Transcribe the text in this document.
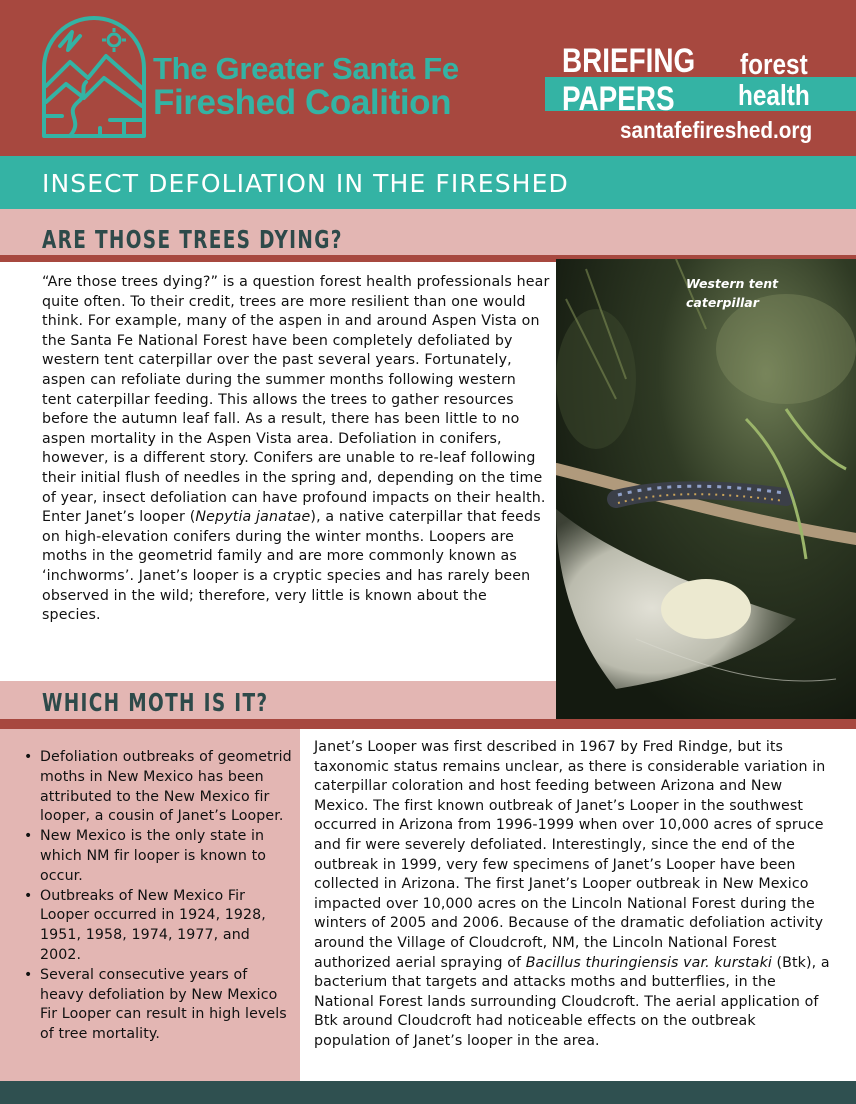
The Greater Santa Fe
Fireshed Coalition
BRIEFING
PAPERS
forest
health
santafefireshed.org
INSECT DEFOLIATION IN THE FIRESHED
ARE THOSE TREES DYING?
“Are those trees dying?” is a question forest health professionals hear quite often. To their credit, trees are more resilient than one would think. For example, many of the aspen in and around Aspen Vista on the Santa Fe National Forest have been completely defoliated by western tent caterpillar over the past several years. Fortunately, aspen can refoliate during the summer months following western tent caterpillar feeding. This allows the trees to gather resources before the autumn leaf fall. As a result, there has been little to no aspen mortality in the Aspen Vista area. Defoliation in conifers, however, is a different story. Conifers are unable to re-leaf following their initial flush of needles in the spring and, depending on the time of year, insect defoliation can have profound impacts on their health. Enter Janet’s looper (Nepytia janatae), a native caterpillar that feeds on high-elevation conifers during the winter months. Loopers are moths in the geometrid family and are more commonly known as ‘inchworms’. Janet’s looper is a cryptic species and has rarely been observed in the wild; therefore, very little is known about the species.
Western tent
caterpillar
WHICH MOTH IS IT?
• Defoliation outbreaks of geometrid moths in New Mexico has been attributed to the New Mexico fir looper, a cousin of Janet’s Looper.
• New Mexico is the only state in which NM fir looper is known to occur.
• Outbreaks of New Mexico Fir Looper occurred in 1924, 1928, 1951, 1958, 1974, 1977, and 2002.
• Several consecutive years of heavy defoliation by New Mexico Fir Looper can result in high levels of tree mortality.
Janet’s Looper was first described in 1967 by Fred Rindge, but its taxonomic status remains unclear, as there is considerable variation in caterpillar coloration and host feeding between Arizona and New Mexico. The first known outbreak of Janet’s Looper in the southwest occurred in Arizona from 1996-1999 when over 10,000 acres of spruce and fir were severely defoliated. Interestingly, since the end of the outbreak in 1999, very few specimens of Janet’s Looper have been collected in Arizona. The first Janet’s Looper outbreak in New Mexico impacted over 10,000 acres on the Lincoln National Forest during the winters of 2005 and 2006. Because of the dramatic defoliation activity around the Village of Cloudcroft, NM, the Lincoln National Forest authorized aerial spraying of Bacillus thuringiensis var. kurstaki (Btk), a bacterium that targets and attacks moths and butterflies, in the National Forest lands surrounding Cloudcroft. The aerial application of Btk around Cloudcroft had noticeable effects on the outbreak population of Janet’s looper in the area.
